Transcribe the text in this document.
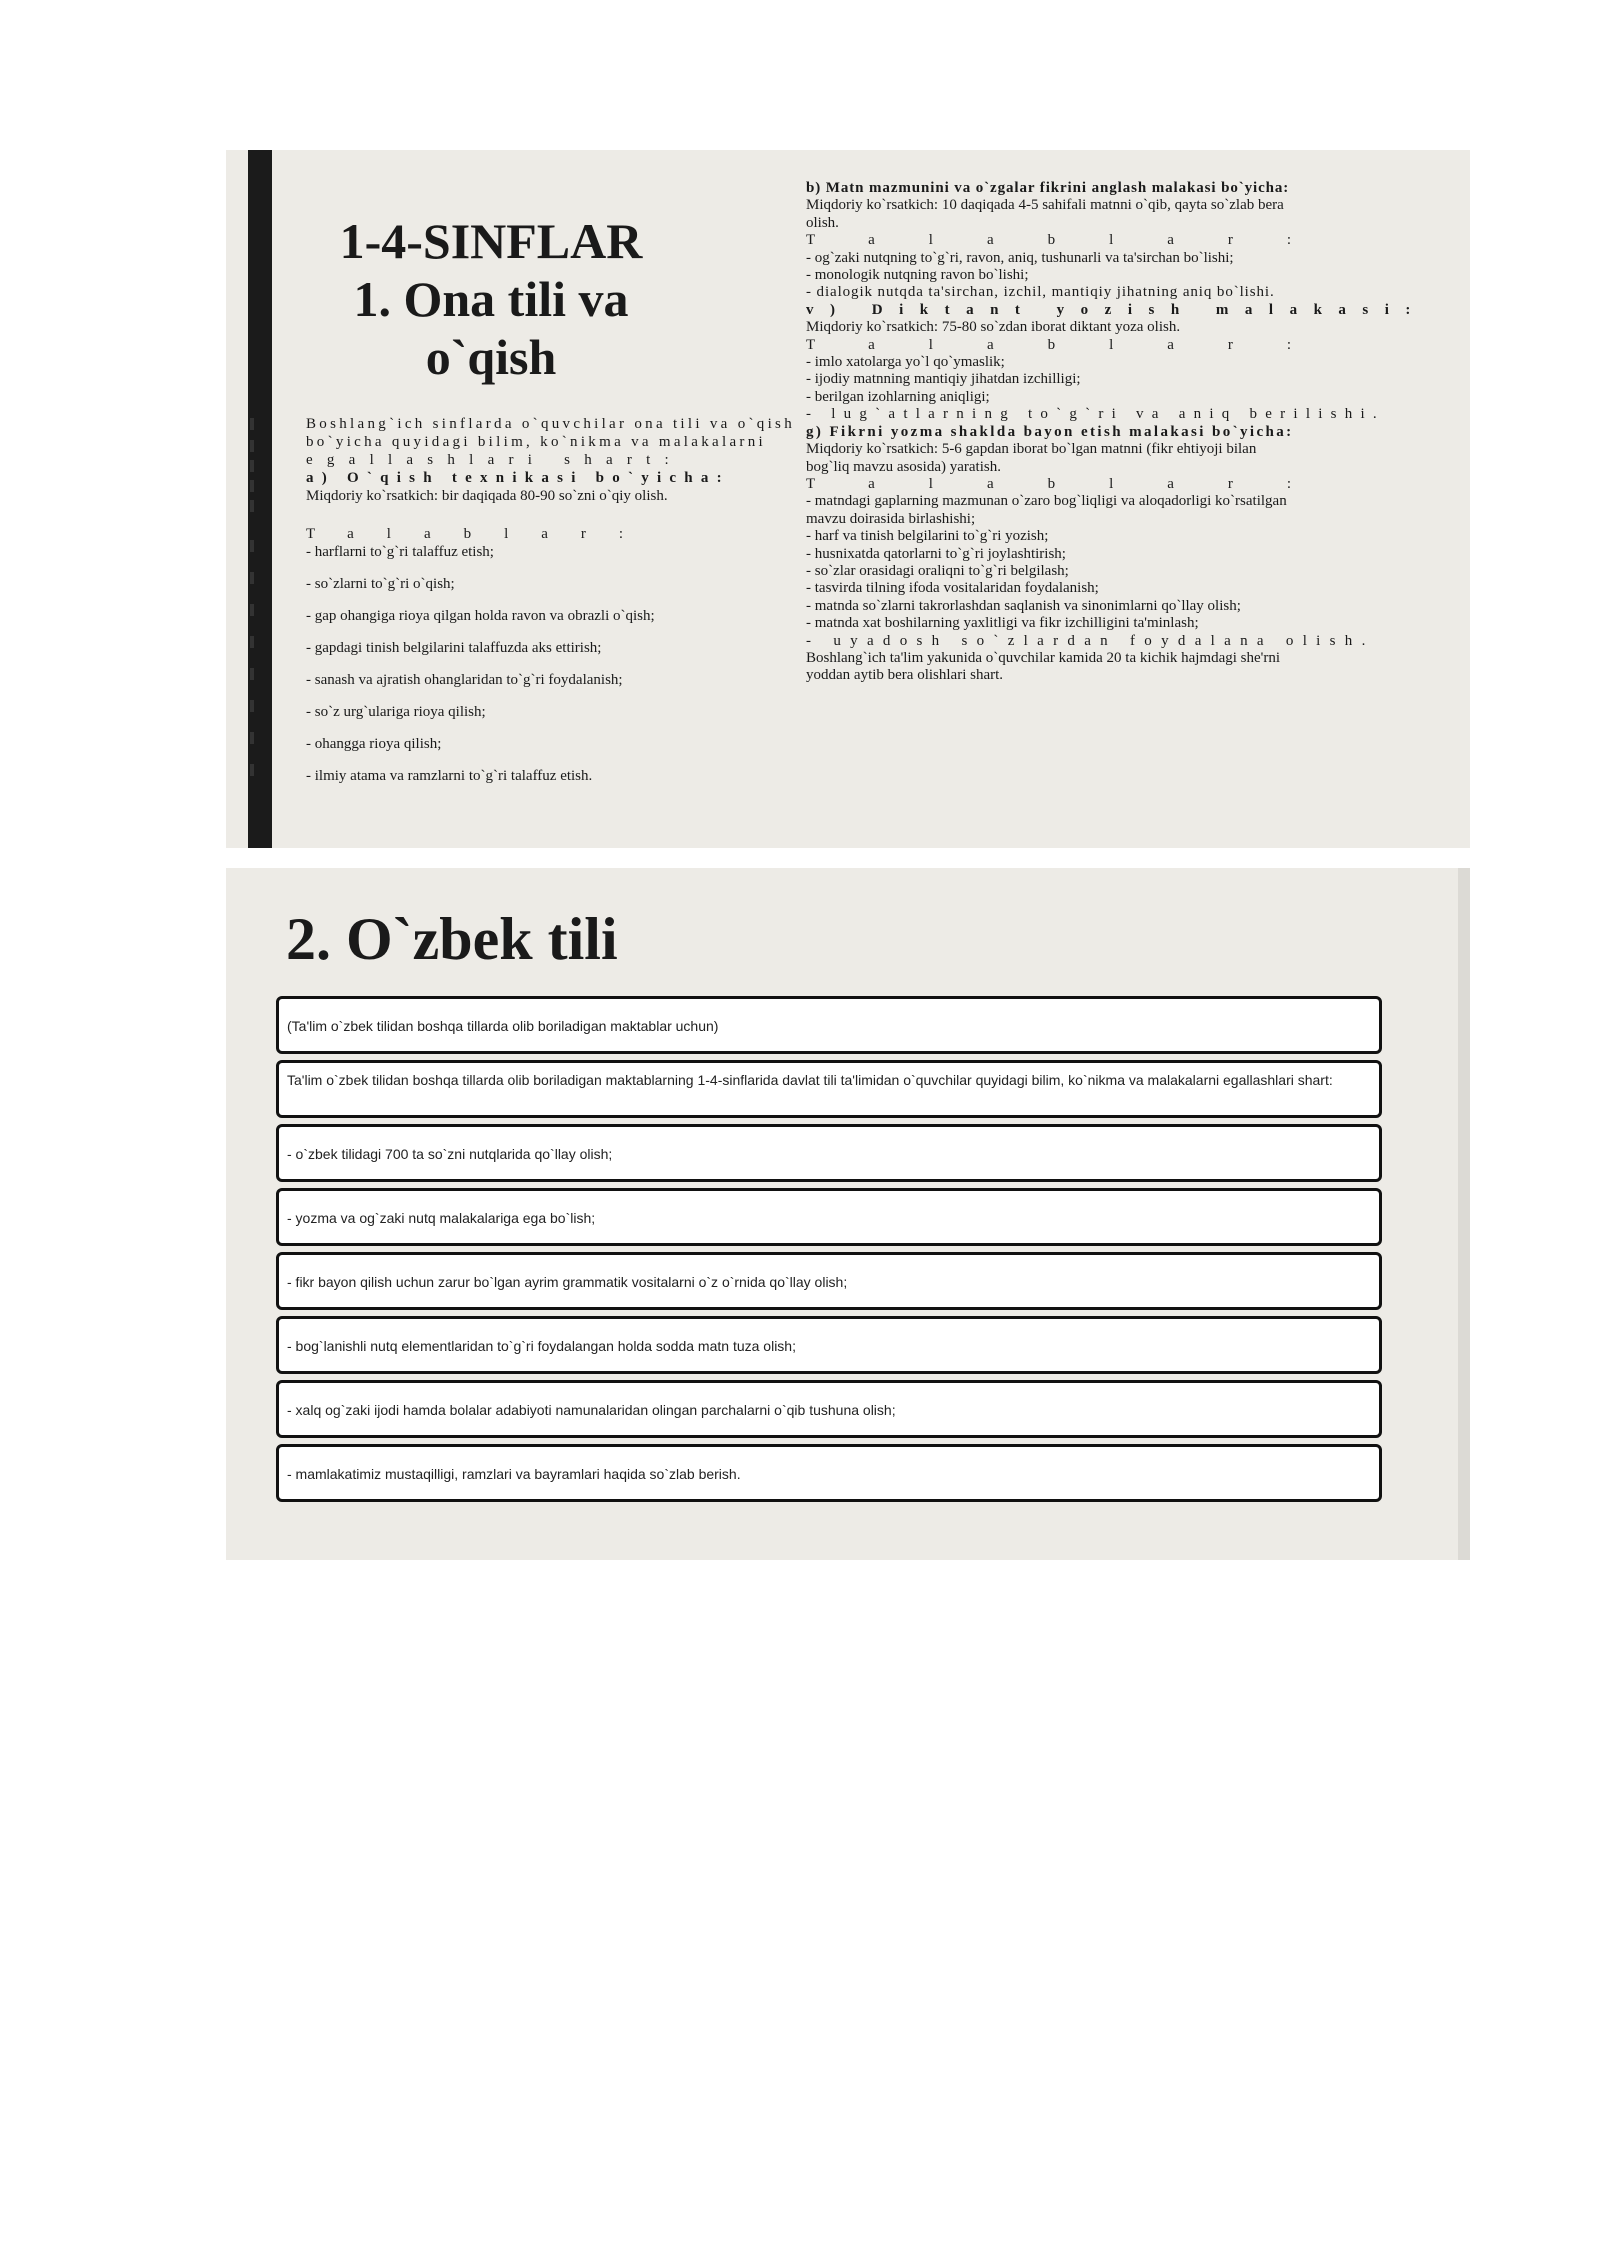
1-4-SINFLAR
1. Ona tili va
o`qish
Boshlang`ich sinflarda o`quvchilar ona tili va o`qish bo`yicha quyidagi bilim, ko`nikma va malakalarni
egallashlari shart:
a) O`qish texnikasi bo`yicha:
Miqdoriy ko`rsatkich: bir daqiqada 80-90 so`zni o`qiy olish.
Talablar:
- harflarni to`g`ri talaffuz etish;
- so`zlarni to`g`ri o`qish;
- gap ohangiga rioya qilgan holda ravon va obrazli o`qish;
- gapdagi tinish belgilarini talaffuzda aks ettirish;
- sanash va ajratish ohanglaridan to`g`ri foydalanish;
- so`z urg`ulariga rioya qilish;
- ohangga rioya qilish;
- ilmiy atama va ramzlarni to`g`ri talaffuz etish.
b) Matn mazmunini va o`zgalar fikrini anglash malakasi bo`yicha:
Miqdoriy ko`rsatkich: 10 daqiqada 4-5 sahifali matnni o`qib, qayta so`zlab bera
olish.
Talablar:
- og`zaki nutqning to`g`ri, ravon, aniq, tushunarli va ta'sirchan bo`lishi;
- monologik nutqning ravon bo`lishi;
- dialogik nutqda ta'sirchan, izchil, mantiqiy jihatning aniq bo`lishi.
v) Diktant yozish malakasi:
Miqdoriy ko`rsatkich: 75-80 so`zdan iborat diktant yoza olish.
Talablar:
- imlo xatolarga yo`l qo`ymaslik;
- ijodiy matnning mantiqiy jihatdan izchilligi;
- berilgan izohlarning aniqligi;
- lug`atlarning to`g`ri va aniq berilishi.
g) Fikrni yozma shaklda bayon etish malakasi bo`yicha:
Miqdoriy ko`rsatkich: 5-6 gapdan iborat bo`lgan matnni (fikr ehtiyoji bilan
bog`liq mavzu asosida) yaratish.
Talablar:
- matndagi gaplarning mazmunan o`zaro bog`liqligi va aloqadorligi ko`rsatilgan
mavzu doirasida birlashishi;
- harf va tinish belgilarini to`g`ri yozish;
- husnixatda qatorlarni to`g`ri joylashtirish;
- so`zlar orasidagi oraliqni to`g`ri belgilash;
- tasvirda tilning ifoda vositalaridan foydalanish;
- matnda so`zlarni takrorlashdan saqlanish va sinonimlarni qo`llay olish;
- matnda xat boshilarning yaxlitligi va fikr izchilligini ta'minlash;
- uyadosh so`zlardan foydalana olish.
Boshlang`ich ta'lim yakunida o`quvchilar kamida 20 ta kichik hajmdagi she'rni
yoddan aytib bera olishlari shart.
2. O`zbek tili
(Ta'lim o`zbek tilidan boshqa tillarda olib boriladigan maktablar uchun)
Ta'lim o`zbek tilidan boshqa tillarda olib boriladigan maktablarning 1-4-sinflarida davlat tili ta'limidan o`quvchilar quyidagi bilim, ko`nikma va malakalarni egallashlari shart:
- o`zbek tilidagi 700 ta so`zni nutqlarida qo`llay olish;
- yozma va og`zaki nutq malakalariga ega bo`lish;
- fikr bayon qilish uchun zarur bo`lgan ayrim grammatik vositalarni o`z o`rnida qo`llay olish;
- bog`lanishli nutq elementlaridan to`g`ri foydalangan holda sodda matn tuza olish;
- xalq og`zaki ijodi hamda bolalar adabiyoti namunalaridan olingan parchalarni o`qib tushuna olish;
- mamlakatimiz mustaqilligi, ramzlari va bayramlari haqida so`zlab berish.
